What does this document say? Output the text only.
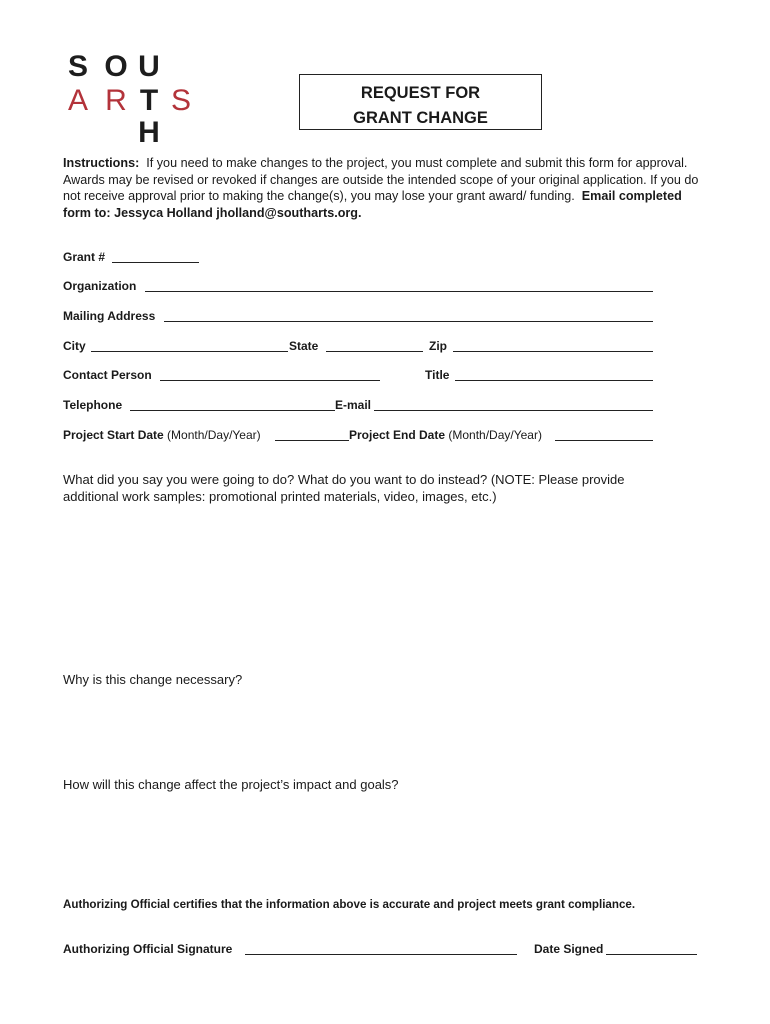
S O U
A R T S
H
REQUEST FOR
GRANT CHANGE
Instructions: If you need to make changes to the project, you must complete and submit this form for approval. Awards may be revised or revoked if changes are outside the intended scope of your original application. If you do not receive approval prior to making the change(s), you may lose your grant award/ funding. Email completed form to: Jessyca Holland jholland@southarts.org.
Grant #
Organization
Mailing Address
City	State	Zip
Contact Person	Title
Telephone	E-mail
Project Start Date (Month/Day/Year)	Project End Date (Month/Day/Year)
What did you say you were going to do? What do you want to do instead? (NOTE: Please provide additional work samples: promotional printed materials, video, images, etc.)
Why is this change necessary?
How will this change affect the project’s impact and goals?
Authorizing Official certifies that the information above is accurate and project meets grant compliance.
Authorizing Official Signature	Date Signed
